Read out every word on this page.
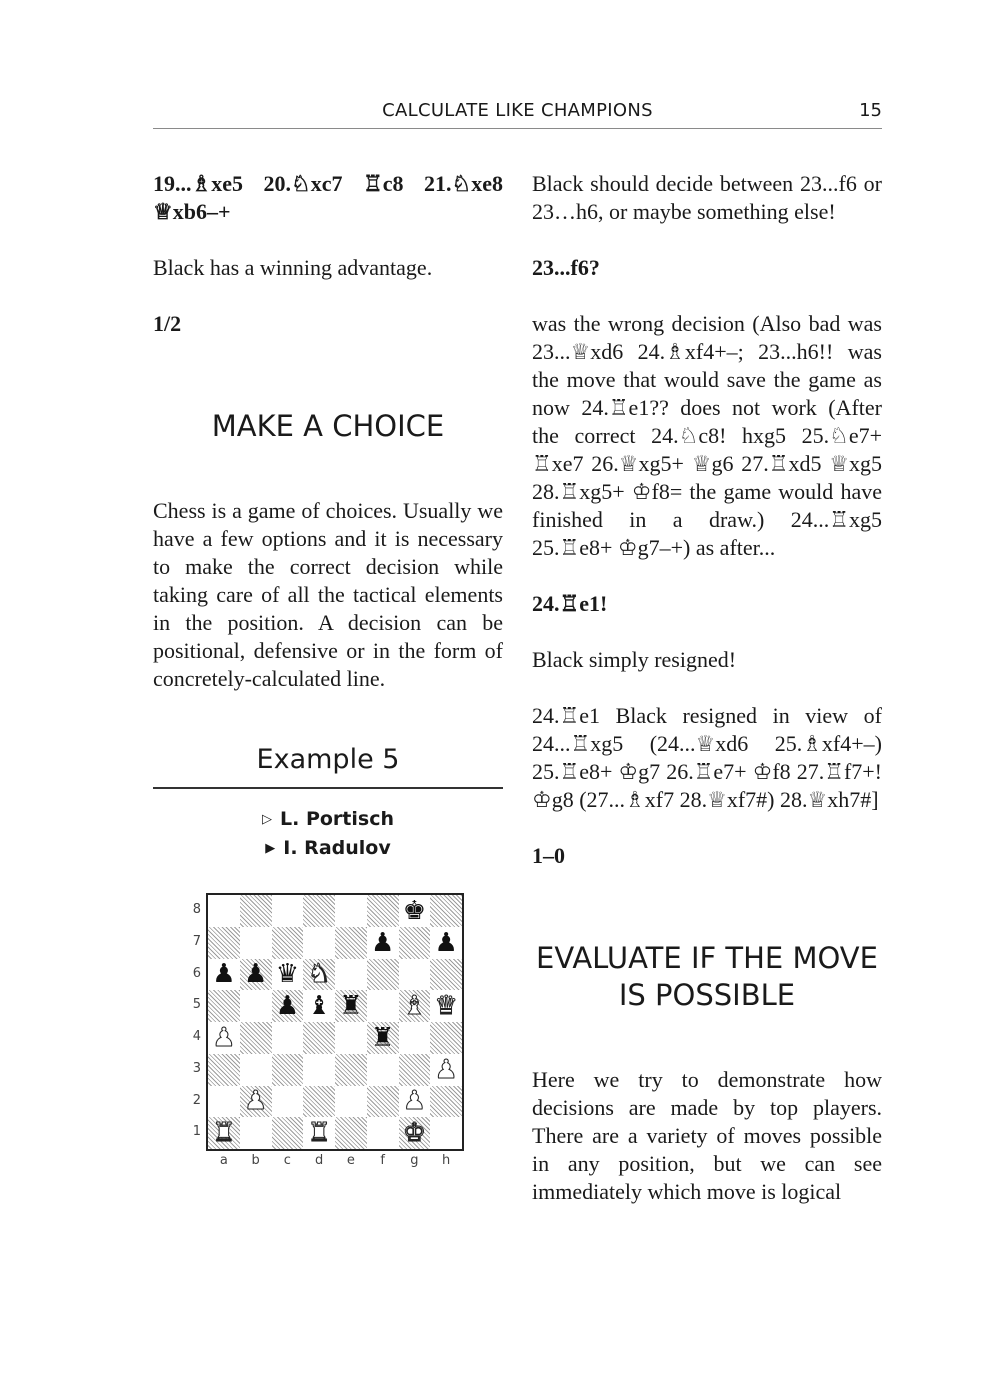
CALCULATE LIKE CHAMPIONS	15

19...♗xe5 20.♘xc7 ♖c8 21.♘xe8 ♕xb6–+

Black has a winning advantage.

1/2

MAKE A CHOICE

Chess is a game of choices. Usually we have a few options and it is necessary to make the correct decision while taking care of all the tactical elements in the position. A decision can be positional, defensive or in the form of concretely-calculated line.

Example 5
▷ L. Portisch
▶ I. Radulov
8
7
6
5
4
3
2
1
♚
♟ ♟
♟ ♟ ♛ ♞
♟ ♝ ♜ ♝ ♛
♟	♜
♟
♟	♟
♜	♜	♚
a	b	c	d	e	f	g	h

Black should decide between 23...f6 or 23…h6, or maybe something else!

23...f6?

was the wrong decision (Also bad was 23...♕xd6 24.♗xf4+–; 23...h6!! was the move that would save the game as now 24.♖e1?? does not work (After the correct 24.♘c8! hxg5 25.♘e7+ ♖xe7 26.♕xg5+ ♕g6 27.♖xd5 ♕xg5 28.♖xg5+ ♔f8= the game would have finished in a draw.) 24...♖xg5 25.♖e8+ ♔g7–+) as after...

24.♖e1!

Black simply resigned!

24.♖e1 Black resigned in view of 24...♖xg5 (24...♕xd6 25.♗xf4+–) 25.♖e8+ ♔g7 26.♖e7+ ♔f8 27.♖f7+! ♔g8 (27...♗xf7 28.♕xf7#) 28.♕xh7#]

1–0

EVALUATE IF THE MOVE IS POSSIBLE

Here we try to demonstrate how decisions are made by top players. There are a variety of moves possible in any position, but we can see immediately which move is logical
